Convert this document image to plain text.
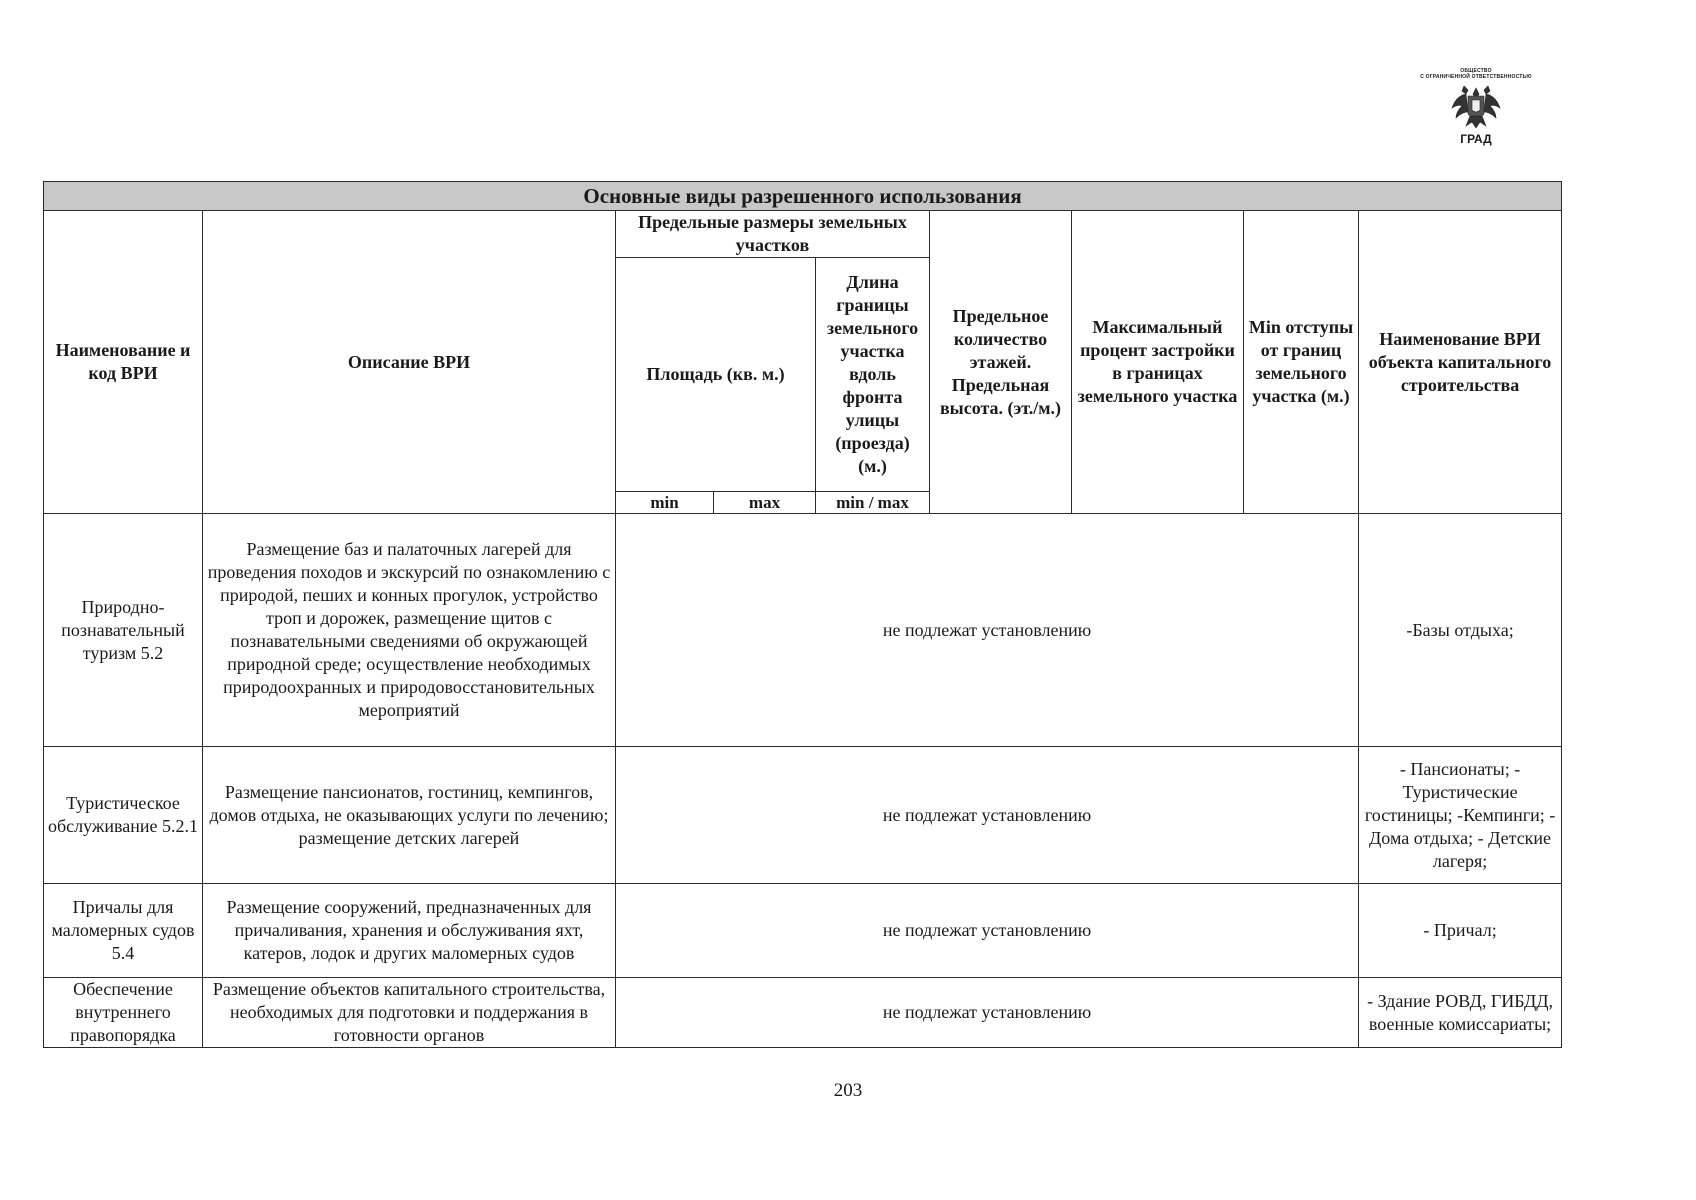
ОБЩЕСТВО
С ОГРАНИЧЕННОЙ ОТВЕТСТВЕННОСТЬЮ
ГРАД
Основные виды разрешенного использования								
Наименование и код ВРИ	Описание ВРИ	Предельные размеры земельных участков			Предельное количество этажей. Предельная высота. (эт./м.)	Максимальный процент застройки в границах земельного участка	Min отступы от границ земельного участка (м.)	Наименование ВРИ объекта капитального строительства
		Площадь (кв. м.)		Длина границы земельного участка вдоль фронта улицы (проезда) (м.)				
		min	max	min / max				
Природно-познавательный туризм 5.2	Размещение баз и палаточных лагерей для проведения походов и экскурсий по ознакомлению с природой, пеших и конных прогулок, устройство троп и дорожек, размещение щитов с познавательными сведениями об окружающей природной среде; осуществление необходимых природоохранных и природовосстановительных мероприятий	не подлежат установлению						-Базы отдыха;
Туристическое обслуживание 5.2.1	Размещение пансионатов, гостиниц, кемпингов, домов отдыха, не оказывающих услуги по лечению; размещение детских лагерей	не подлежат установлению						- Пансионаты; - Туристические гостиницы; -Кемпинги; - Дома отдыха; - Детские лагеря;
Причалы для маломерных судов 5.4	Размещение сооружений, предназначенных для причаливания, хранения и обслуживания яхт, катеров, лодок и других маломерных судов	не подлежат установлению						- Причал;
Обеспечение внутреннего правопорядка	Размещение объектов капитального строительства, необходимых для подготовки и поддержания в готовности органов	не подлежат установлению						- Здание РОВД, ГИБДД, военные комиссариаты;
203
